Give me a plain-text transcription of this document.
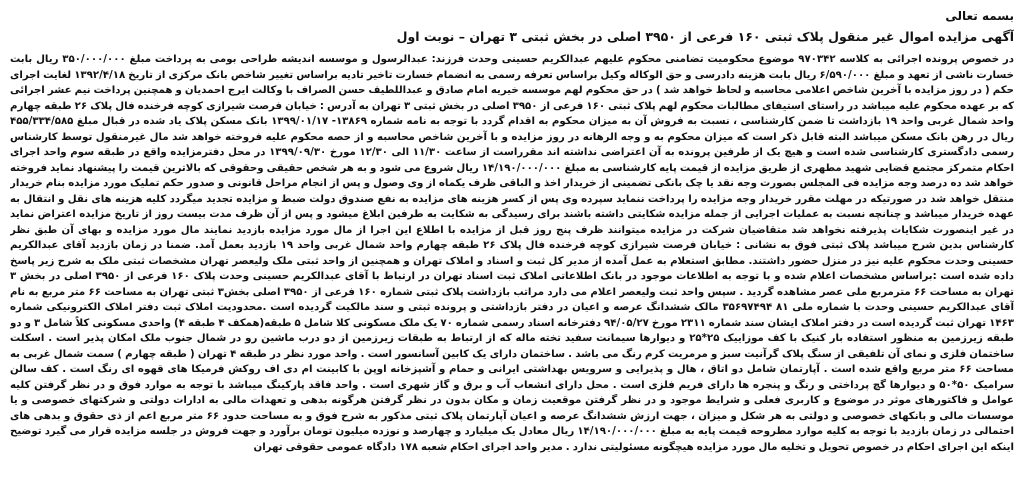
بسمه تعالی
آگهی مزایده اموال غیر منقول پلاک ثبتی ۱۶۰ فرعی از ۳۹۵۰ اصلی در بخش ثبتی ۳ تهران – نوبت اول

در خصوص پرونده اجرائی به کلاسه ۹۷۰۳۴۲ موضوع محکومیت تضامنی محکوم علیهم عبدالکریم حسینی وحدت فرزند: عبدالرسول و موسسه اندیشه طراحی بومی به پرداخت مبلغ ۳۵۰/۰۰۰/۰۰۰ ریال بابت خسارت ناشی از تعهد و مبلغ ۶/۵۹۰/۰۰۰ ریال بابت هزینه دادرسی و حق الوکاله وکیل براساس تعرفه رسمی به انضمام خسارت تاخیر تادیه براساس تغییر شاخص بانک مرکزی از تاریخ ۱۳۹۲/۴/۱۸ لغایت اجرای حکم ( در روز مزایده با آخرین شاخص اعلامی محاسبه و لحاظ خواهد شد ) در حق محکوم لهم موسسه خیریه امام صادق و عبداللطیف حسن الصراف با وکالت ایرج احمدیان و همچنین پرداخت نیم عشر اجرائی که بر عهده محکوم علیه میباشد در راستای استیفای مطالبات محکوم لهم پلاک ثبتی ۱۶۰ فرعی از ۳۹۵۰ اصلی در بخش ثبتی ۳ تهران به آدرس : خیابان فرصت شیرازی کوچه فرخنده فال پلاک ۲۶ طبقه چهارم واحد شمال غربی واحد ۱۹ بازداشت تا ضمن کارشناسی ، نسبت به فروش آن به میزان محکوم به اقدام گردد با توجه به نامه شماره ۱۳۸۶۹- ۱۳۹۹/۰۱/۱۷ بانک مسکن پلاک یاد شده در قبال مبلغ ۴۵۵/۳۳۴/۵۸۵ ریال در رهن بانک مسکن میباشد البته قابل ذکر است که میزان محکوم به و وجه الرهانه در روز مزایده و با آخرین شاخص محاسبه و از حصه محکوم علیه فروخته خواهد شد مال غیرمنقول توسط کارشناس رسمی دادگستری کارشناسی شده است و هیچ یک از طرفین پرونده به آن اعتراضی نداشته اند مقرراست از ساعت ۱۱/۳۰ الی ۱۲/۳۰ مورخ ۱۳۹۹/۰۹/۳۰ در محل دفترمزایده واقع در طبقه سوم واحد اجرای احکام متمرکز مجتمع قضایی شهید مطهری از طریق مزایده از قیمت پایه کارشناسی به مبلغ ۱۴/۱۹۰/۰۰۰/۰۰۰ ریال شروع می شود و به هر شخص حقیقی وحقوقی که بالاترین قیمت را پیشنهاد نماید فروخته خواهد شد ده درصد وجه مزایده فی المجلس بصورت وجه نقد یا چک بانکی تضمینی از خریدار اخذ و الباقی ظرف یکماه از وی وصول و پس از انجام مراحل قانونی و صدور حکم تملیک مورد مزایده بنام خریدار منتقل خواهد شد در صورتیکه در مهلت مقرر خریدار وجه مزایده را پرداخت ننماید سپرده وی پس از کسر هزینه های مزایده به نفع صندوق دولت ضبط و مزایده تجدید میگردد کلیه هزینه های نقل و انتقال به عهده خریدار میباشد و چنانچه نسبت به عملیات اجرایی از جمله مزایده شکایتی داشته باشند برای رسیدگی به شکایت به طرفین ابلاغ میشود و پس از آن ظرف مدت بیست روز از تاریخ مزایده اعتراض نماید در غیر اینصورت شکایات پذیرفته نخواهد شد متقاضیان شرکت در مزایده میتوانند ظرف پنج روز قبل از مزایده با اطلاع این اجرا از مال مورد مزایده بازدید نمایند مال مورد مزایده و بهای آن طبق نظر کارشناس بدین شرح میباشد پلاک ثبتی فوق به نشانی : خیابان فرصت شیرازی کوچه فرخنده فال پلاک ۲۶ طبقه چهارم واحد شمال غربی واحد ۱۹ بازدید بعمل آمد. ضمنا در زمان بازدید آقای عبدالکریم حسینی وحدت محکوم علیه نیز در منزل حضور داشتند. مطابق استعلام به عمل آمده از مدیر کل ثبت و اسناد و املاک تهران و همچنین از واحد ثبتی ملک ولیعصر تهران مشخصات ثبتی ملک به شرح زیر پاسخ داده شده است :براساس مشخصات اعلام شده و با توجه به اطلاعات موجود در بانک اطلاعاتی املاک ثبت اسناد تهران در ارتباط با آقای عبدالکریم حسینی وحدت پلاک ۱۶۰ فرعی از ۳۹۵۰ اصلی در بخش ۳ تهران به مساحت ۶۶ مترمربع ملی عصر مشاهده گردید . سپس واحد ثبت ولیعصر اعلام می دارد مراتب بازداشت پلاک ثبتی شماره ۱۶۰ فرعی از ۳۹۵۰ اصلی بخش۳ ثبتی تهران به مساحت ۶۶ متر مربع به نام آقای عبدالکریم حسینی وحدت با شماره ملی ۸۱ ۳۵۶۹۷۴۹۴ مالک ششدانگ عرصه و اعیان در دفتر بازداشتی و پرونده ثبتی و سند مالکیت گردیده است .محدودیت املاک ثبت دفتر املاک الکترونیکی شماره ۱۴۶۳ تهران ثبت گردیده است در دفتر املاک ایشان سند شماره ۲۳۱۱ مورخ ۹۴/۰۵/۲۷ دفترخانه اسناد رسمی شماره ۷۰ یک ملک مسکونی کلا شامل ۵ طبقه(همکف ۴ طبقه ۴) واحدی مسکونی کلاً شامل ۳ و دو طبقه زیرزمین به منظور استفاده بار کنیک با کف موزاییک ۲۵*۲۵ و دیوارها سیمانت سفید تخته ماله که از ارتباط به طبقات زیرزمین از دو درب ماشین رو در شمال جنوب ملک امکان پذیر است . اسکلت ساختمان فلزی و نمای آن تلفیقی از سنگ پلاک گرآنیت سبز و مرمریت کرم رنگ می باشد . ساختمان دارای یک کابین آسانسور است . واحد مورد نظر در طبقه ۴ تهران ( طبقه چهارم ) سمت شمال غربی به مساحت ۶۶ متر مربع واقع شده است . آپارتمان شامل دو اتاق ، هال و پذیرایی و سرویس بهداشتی ایرانی و حمام و آشپزخانه اوپن با کابینت ام دی اف روکش فرمیکا های قهوه ای رنگ است . کف سالن سرامیک ۵۰*۵۰ و دیوارها گچ پرداختی و رنگ و پنجره ها دارای فریم فلزی است . محل دارای انشعاب آب و برق و گاز شهری است . واحد فاقد پارکینگ میباشد با توجه به موارد فوق و در نظر گرفتن کلیه عوامل و فاکتورهای موثر در موضوع و کاربری فعلی و شرایط موجود و در نظر گرفتن موقعیت زمان و مکان بدون در نظر گرفتن هرگونه بدهی و تعهدات مالی به ادارات دولتی و شرکتهای خصوصی و یا موسسات مالی و بانکهای خصوصی و دولتی به هر شکل و میزان ، جهت ارزش ششدانگ عرصه و اعیان آپارتمان پلاک ثبتی مذکور به شرح فوق و به مساحت حدود ۶۶ متر مربع اعم از ذی حقوق و بدهی های احتمالی در زمان بازدید با توجه به کلیه موارد مطروحه قیمت پایه به مبلغ ۱۴/۱۹۰/۰۰۰/۰۰۰ ریال معادل یک میلیارد و چهارصد و نوزده میلیون تومان برآورد و جهت فروش در جلسه مزایده قرار می گیرد توضیح اینکه این اجرای احکام در خصوص تحویل و تخلیه مال مورد مزایده هیچگونه مسئولیتی ندارد . مدیر واحد اجرای احکام شعبه ۱۷۸ دادگاه عمومی حقوقی تهران
